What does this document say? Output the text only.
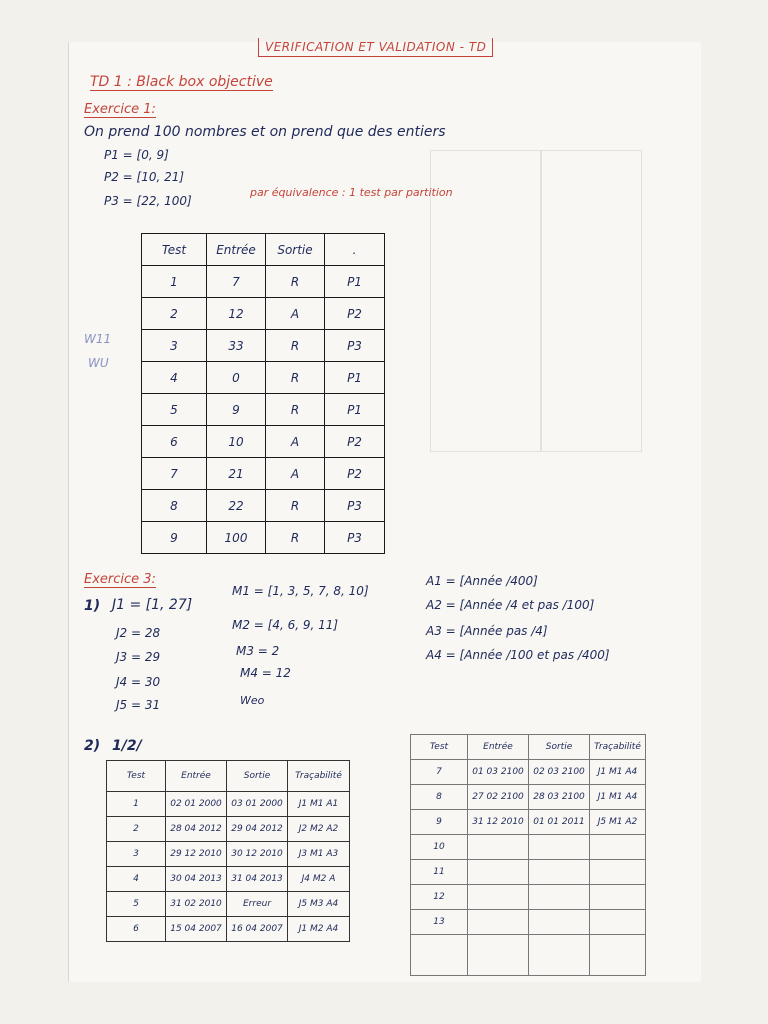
VERIFICATION ET VALIDATION - TD
TD 1 : Black box objective
Exercice 1:
On prend 100 nombres et on prend que des entiers
P1 = [0, 9]
P2 = [10, 21]
P3 = [22, 100]
par équivalence : 1 test par partition
W11
WU
Test	Entrée	Sortie	.
1	7	R	P1
2	12	A	P2
3	33	R	P3
4	0	R	P1
5	9	R	P1
6	10	A	P2
7	21	A	P2
8	22	R	P3
9	100	R	P3
Exercice 3:
1) J1 = [1, 27]
J2 = 28
J3 = 29
J4 = 30
J5 = 31
M1 = [1, 3, 5, 7, 8, 10]
M2 = [4, 6, 9, 11]
M3 = 2
M4 = 12
Weo
A1 = [Année /400]
A2 = [Année /4 et pas /100]
A3 = [Année pas /4]
A4 = [Année /100 et pas /400]
2) 1/2/
Test	Entrée	Sortie	Traçabilité
1	02 01 2000	03 01 2000	J1 M1 A1
2	28 04 2012	29 04 2012	J2 M2 A2
3	29 12 2010	30 12 2010	J3 M1 A3
4	30 04 2013	31 04 2013	J4 M2 A
5	31 02 2010	Erreur	J5 M3 A4
6	15 04 2007	16 04 2007	J1 M2 A4
Test	Entrée	Sortie	Traçabilité
7	01 03 2100	02 03 2100	J1 M1 A4
8	27 02 2100	28 03 2100	J1 M1 A4
9	31 12 2010	01 01 2011	J5 M1 A2
10			
11			
12			
13			
